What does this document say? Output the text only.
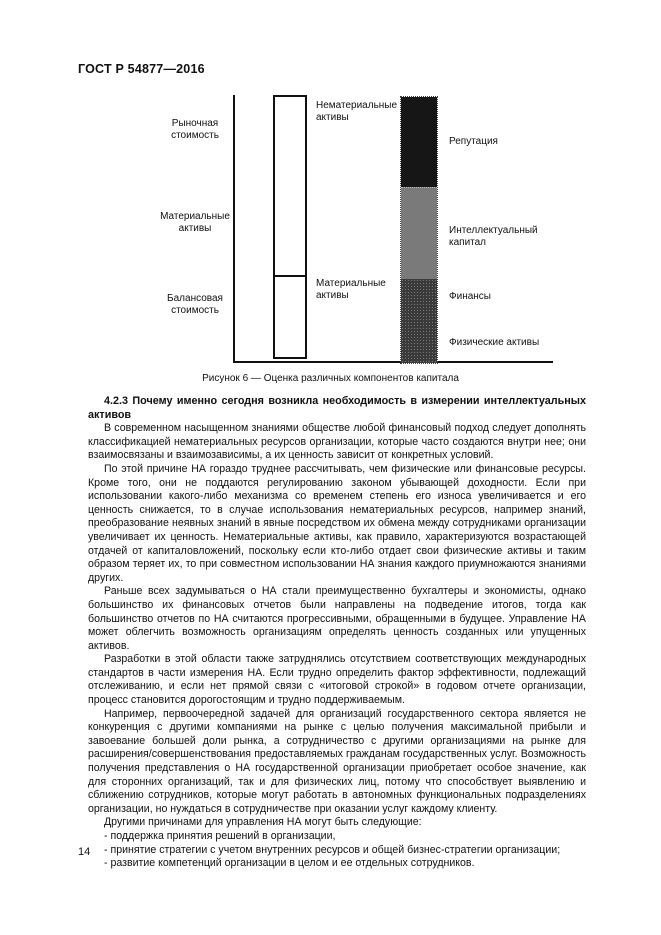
ГОСТ Р 54877—2016
Рыночная
стоимость
Материальные
активы
Балансовая
стоимость
Нематериальные
активы
Материальные
активы
Репутация
Интеллектуальный
капитал
Финансы
Физические активы
Рисунок 6 — Оценка различных компонентов капитала
4.2.3 Почему именно сегодня возникла необходимость в измерении интеллектуальных активов

В современном насыщенном знаниями обществе любой финансовый подход следует дополнять классификацией нематериальных ресурсов организации, которые часто создаются внутри нее; они взаимосвязаны и взаимозависимы, а их ценность зависит от конкретных условий.

По этой причине НА гораздо труднее рассчитывать, чем физические или финансовые ресурсы. Кроме того, они не поддаются регулированию законом убывающей доходности. Если при использовании какого-либо механизма со временем степень его износа увеличивается и его ценность снижается, то в случае использования нематериальных ресурсов, например знаний, преобразование неявных знаний в явные посредством их обмена между сотрудниками организации увеличивает их ценность. Нематериальные активы, как правило, характеризуются возрастающей отдачей от капиталовложений, поскольку если кто-либо отдает свои физические активы и таким образом теряет их, то при совместном использовании НА знания каждого приумножаются знаниями других.

Раньше всех задумываться о НА стали преимущественно бухгалтеры и экономисты, однако большинство их финансовых отчетов были направлены на подведение итогов, тогда как большинство отчетов по НА считаются прогрессивными, обращенными в будущее. Управление НА может облегчить возможность организациям определять ценность созданных или упущенных активов.

Разработки в этой области также затруднялись отсутствием соответствующих международных стандартов в части измерения НА. Если трудно определить фактор эффективности, подлежащий отслеживанию, и если нет прямой связи с «итоговой строкой» в годовом отчете организации, процесс становится дорогостоящим и трудно поддерживаемым.

Например, первоочередной задачей для организаций государственного сектора является не конкуренция с другими компаниями на рынке с целью получения максимальной прибыли и завоевание большей доли рынка, а сотрудничество с другими организациями на рынке для расширения/совершенствования предоставляемых гражданам государственных услуг. Возможность получения представления о НА государственной организации приобретает особое значение, как для сторонних организаций, так и для физических лиц, потому что способствует выявлению и сближению сотрудников, которые могут работать в автономных функциональных подразделениях организации, но нуждаться в сотрудничестве при оказании услуг каждому клиенту.

Другими причинами для управления НА могут быть следующие:

- поддержка принятия решений в организации,

- принятие стратегии с учетом внутренних ресурсов и общей бизнес-стратегии организации;

- развитие компетенций организации в целом и ее отдельных сотрудников.

14
